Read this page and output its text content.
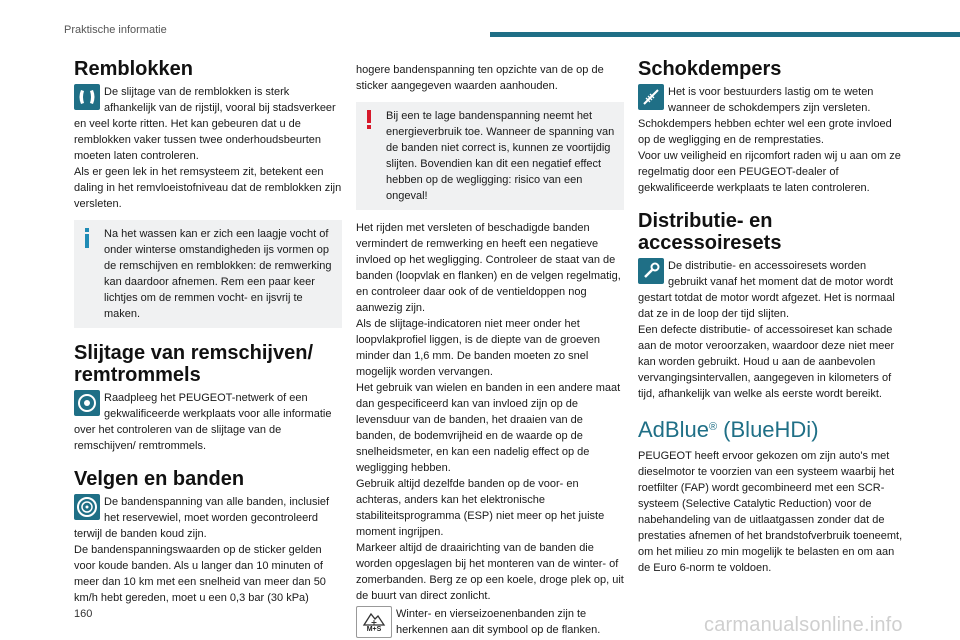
Praktische informatie
Remblokken

De slijtage van de remblokken is sterk afhankelijk van de rijstijl, vooral bij stadsverkeer en veel korte ritten. Het kan gebeuren dat u de remblokken vaker tussen twee onderhoudsbeurten moeten laten controleren.

Als er geen lek in het remsysteem zit, betekent een daling in het remvloeistofniveau dat de remblokken zijn versleten.

Na het wassen kan er zich een laagje vocht of onder winterse omstandigheden ijs vormen op de remschijven en remblokken: de remwerking kan daardoor afnemen. Rem een paar keer lichtjes om de remmen vocht- en ijsvrij te maken.

Slijtage van remschijven/ remtrommels

Raadpleeg het PEUGEOT-netwerk of een gekwalificeerde werkplaats voor alle informatie over het controleren van de slijtage van de remschijven/ remtrommels.

Velgen en banden

De bandenspanning van alle banden, inclusief het reservewiel, moet worden gecontroleerd terwijl de banden koud zijn.

De bandenspanningswaarden op de sticker gelden voor koude banden. Als u langer dan 10 minuten of meer dan 10 km met een snelheid van meer dan 50 km/h hebt gereden, moet u een 0,3 bar (30 kPa)

hogere bandenspanning ten opzichte van de op de sticker aangegeven waarden aanhouden.

Bij een te lage bandenspanning neemt het energieverbruik toe. Wanneer de spanning van de banden niet correct is, kunnen ze voortijdig slijten. Bovendien kan dit een negatief effect hebben op de wegligging: risico van een ongeval!

Het rijden met versleten of beschadigde banden vermindert de remwerking en heeft een negatieve invloed op het wegligging. Controleer de staat van de banden (loopvlak en flanken) en de velgen regelmatig, en controleer daar ook of de ventieldoppen nog aanwezig zijn.

Als de slijtage-indicatoren niet meer onder het loopvlakprofiel liggen, is de diepte van de groeven minder dan 1,6 mm. De banden moeten zo snel mogelijk worden vervangen.

Het gebruik van wielen en banden in een andere maat dan gespecificeerd kan van invloed zijn op de levensduur van de banden, het draaien van de banden, de bodemvrijheid en de waarde op de snelheidsmeter, en kan een nadelig effect op de wegligging hebben.

Gebruik altijd dezelfde banden op de voor- en achteras, anders kan het elektronische stabiliteitsprogramma (ESP) niet meer op het juiste moment ingrijpen.

Markeer altijd de draairichting van de banden die worden opgeslagen bij het monteren van de winter- of zomerbanden. Berg ze op een koele, droge plek op, uit de buurt van direct zonlicht.

M+S

Winter- en vierseizoenenbanden zijn te herkennen aan dit symbool op de flanken.

Schokdempers

Het is voor bestuurders lastig om te weten wanneer de schokdempers zijn versleten. Schokdempers hebben echter wel een grote invloed op de wegligging en de remprestaties.

Voor uw veiligheid en rijcomfort raden wij u aan om ze regelmatig door een PEUGEOT-dealer of gekwalificeerde werkplaats te laten controleren.

Distributie- en accessoiresets

De distributie- en accessoiresets worden gebruikt vanaf het moment dat de motor wordt gestart totdat de motor wordt afgezet. Het is normaal dat ze in de loop der tijd slijten.

Een defecte distributie- of accessoireset kan schade aan de motor veroorzaken, waardoor deze niet meer kan worden gebruikt. Houd u aan de aanbevolen vervangingsintervallen, aangegeven in kilometers of tijd, afhankelijk van welke als eerste wordt bereikt.

AdBlue® (BlueHDi)

PEUGEOT heeft ervoor gekozen om zijn auto's met dieselmotor te voorzien van een systeem waarbij het roetfilter (FAP) wordt gecombineerd met een SCR-systeem (Selective Catalytic Reduction) voor de nabehandeling van de uitlaatgassen zonder dat de prestaties afnemen of het brandstofverbruik toeneemt, om het milieu zo min mogelijk te belasten en om aan de Euro 6-norm te voldoen.

160	carmanualsonline.info
